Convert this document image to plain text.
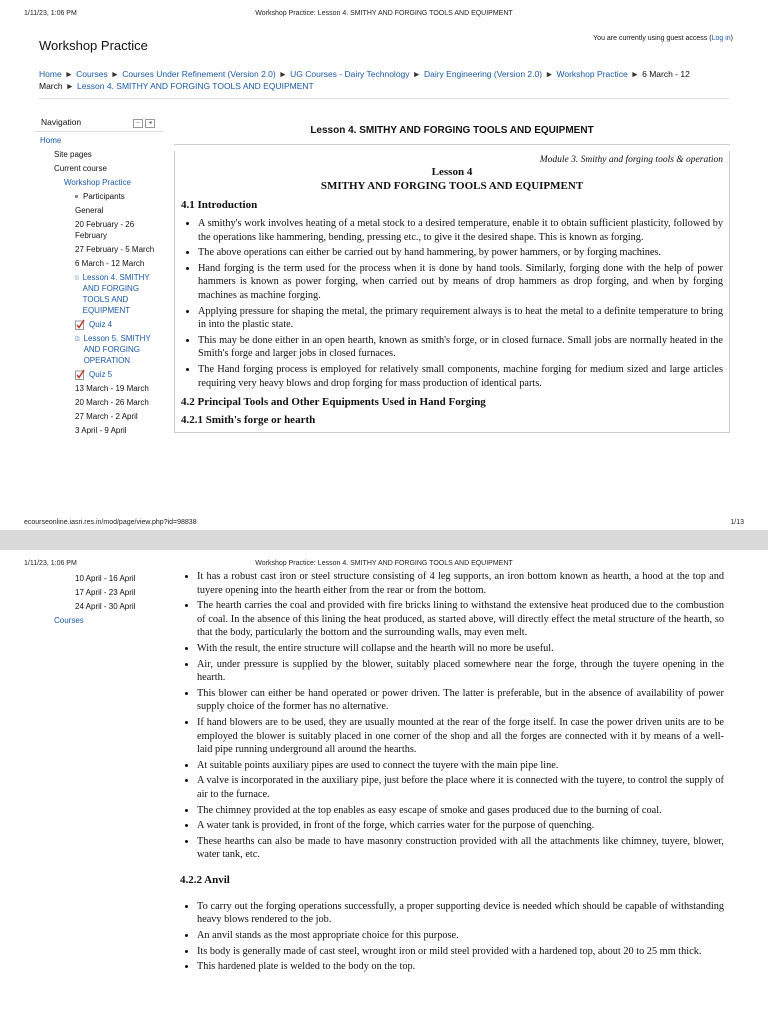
1/11/23, 1:06 PM	Workshop Practice: Lesson 4. SMITHY AND FORGING TOOLS AND EQUIPMENT
Workshop Practice	You are currently using guest access (Log in)
Home ► Courses ► Courses Under Refinement (Version 2.0) ► UG Courses - Dairy Technology ► Dairy Engineering (Version 2.0) ► Workshop Practice ► 6 March - 12 March ► Lesson 4. SMITHY AND FORGING TOOLS AND EQUIPMENT
Navigation	–	◂
Home
Site pages
Current course
Workshop Practice
Participants
General
20 February - 26 February
27 February - 5 March
6 March - 12 March
Lesson 4. SMITHY AND FORGING TOOLS AND EQUIPMENT
Quiz 4
Lesson 5. SMITHY AND FORGING OPERATION
Quiz 5
13 March - 19 March
20 March - 26 March
27 March - 2 April
3 April - 9 April
Lesson 4. SMITHY AND FORGING TOOLS AND EQUIPMENT
Module 3. Smithy and forging tools & operation
Lesson 4
SMITHY AND FORGING TOOLS AND EQUIPMENT
4.1 Introduction
• A smithy's work involves heating of a metal stock to a desired temperature, enable it to obtain sufficient plasticity, followed by the operations like hammering, bending, pressing etc., to give it the desired shape. This is known as forging.
• The above operations can either be carried out by hand hammering, by power hammers, or by forging machines.
• Hand forging is the term used for the process when it is done by hand tools. Similarly, forging done with the help of power hammers is known as power forging, when carried out by means of drop hammers as drop forging, and when by forging machines as machine forging.
• Applying pressure for shaping the metal, the primary requirement always is to heat the metal to a definite temperature to bring in into the plastic state.
• This may be done either in an open hearth, known as smith's forge, or in closed furnace. Small jobs are normally heated in the Smith's forge and larger jobs in closed furnaces.
• The Hand forging process is employed for relatively small components, machine forging for medium sized and large articles requiring very heavy blows and drop forging for mass production of identical parts.
4.2 Principal Tools and Other Equipments Used in Hand Forging
4.2.1 Smith's forge or hearth
ecourseonline.iasri.res.in/mod/page/view.php?id=98838	1/13
1/11/23, 1:06 PM	Workshop Practice: Lesson 4. SMITHY AND FORGING TOOLS AND EQUIPMENT
10 April - 16 April
17 April - 23 April
24 April - 30 April
Courses
• It has a robust cast iron or steel structure consisting of 4 leg supports, an iron bottom known as hearth, a hood at the top and tuyere opening into the hearth either from the rear or from the bottom.
• The hearth carries the coal and provided with fire bricks lining to withstand the extensive heat produced due to the combustion of coal. In the absence of this lining the heat produced, as started above, will directly effect the metal structure of the hearth, so that the body, particularly the bottom and the surrounding walls, may even melt.
• With the result, the entire structure will collapse and the hearth will no more be useful.
• Air, under pressure is supplied by the blower, suitably placed somewhere near the forge, through the tuyere opening in the hearth.
• This blower can either be hand operated or power driven. The latter is preferable, but in the absence of availability of power supply choice of the former has no alternative.
• If hand blowers are to be used, they are usually mounted at the rear of the forge itself. In case the power driven units are to be employed the blower is suitably placed in one corner of the shop and all the forges are connected with it by means of a well-laid pipe running underground all around the hearths.
• At suitable points auxiliary pipes are used to connect the tuyere with the main pipe line.
• A valve is incorporated in the auxiliary pipe, just before the place where it is connected with the tuyere, to control the supply of air to the furnace.
• The chimney provided at the top enables as easy escape of smoke and gases produced due to the burning of coal.
• A water tank is provided, in front of the forge, which carries water for the purpose of quenching.
• These hearths can also be made to have masonry construction provided with all the attachments like chimney, tuyere, blower, water tank, etc.
4.2.2 Anvil
• To carry out the forging operations successfully, a proper supporting device is needed which should be capable of withstanding heavy blows rendered to the job.
• An anvil stands as the most appropriate choice for this purpose.
• Its body is generally made of cast steel, wrought iron or mild steel provided with a hardened top, about 20 to 25 mm thick.
• This hardened plate is welded to the body on the top.
